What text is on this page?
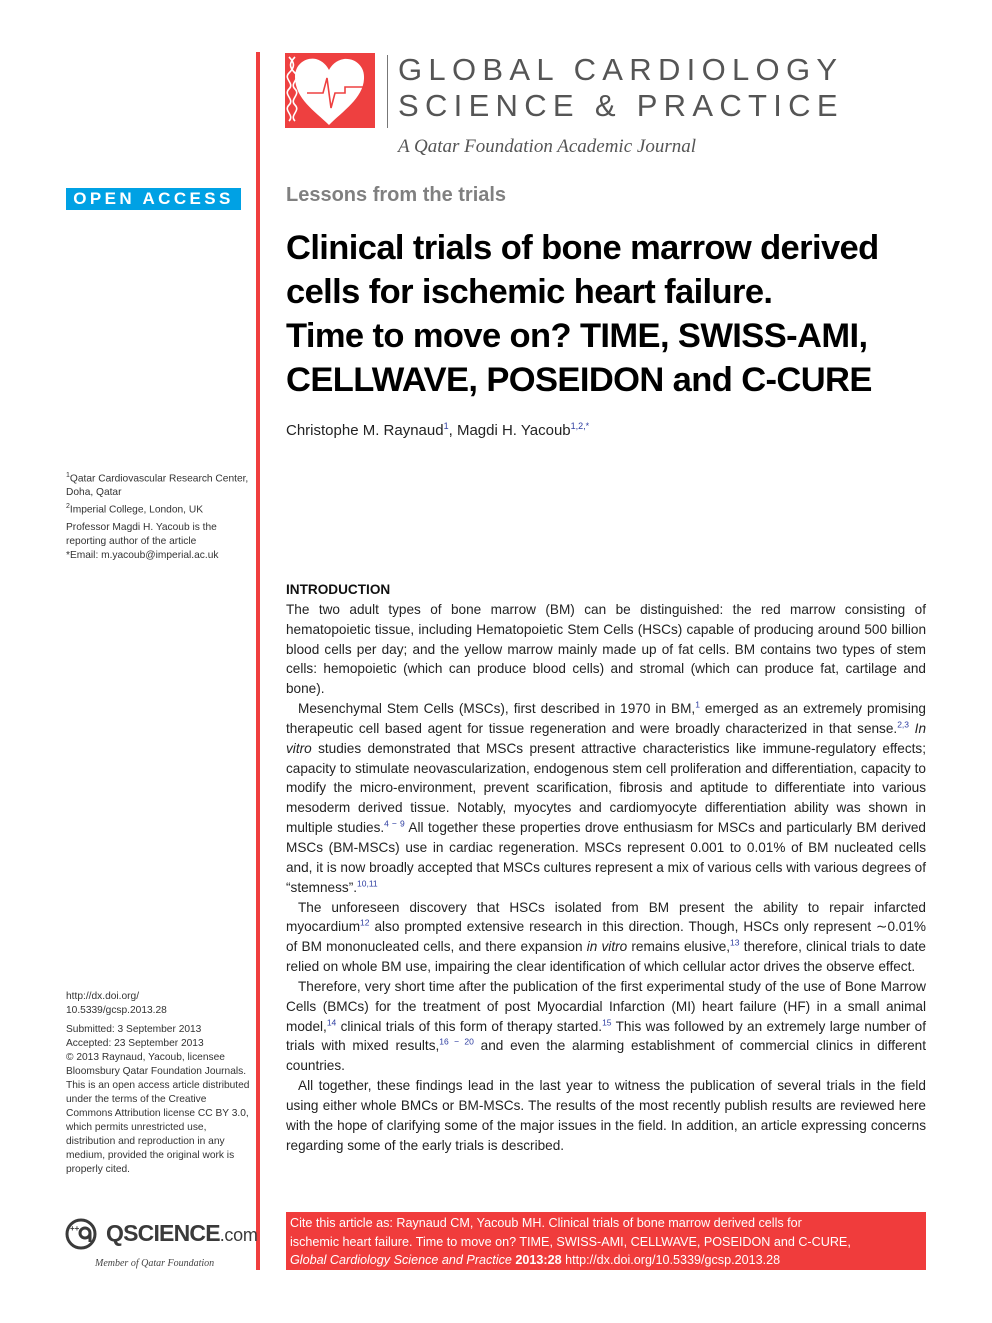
GLOBAL CARDIOLOGY
SCIENCE & PRACTICE
A Qatar Foundation Academic Journal
OPEN ACCESS	Lessons from the trials
Clinical trials of bone marrow derived
cells for ischemic heart failure.
Time to move on? TIME, SWISS-AMI,
CELLWAVE, POSEIDON and C-CURE
Christophe M. Raynaud$^1$, Magdi H. Yacoub$^{1,2,*}$

$^1$Qatar Cardiovascular Research Center, Doha, Qatar

$^2$Imperial College, London, UK

Professor Magdi H. Yacoub is the reporting author of the article

*Email: m.yacoub@imperial.ac.uk

http://dx.doi.org/
10.5339/gcsp.2013.28

Submitted: 3 September 2013

Accepted: 23 September 2013

© 2013 Raynaud, Yacoub, licensee Bloomsbury Qatar Foundation Journals. This is an open access article distributed under the terms of the Creative Commons Attribution license CC BY 3.0, which permits unrestricted use, distribution and reproduction in any medium, provided the original work is properly cited.

++ QSCIENCE.com
Member of Qatar Foundation
INTRODUCTION

The two adult types of bone marrow (BM) can be distinguished: the red marrow consisting of hematopoietic tissue, including Hematopoietic Stem Cells (HSCs) capable of producing around 500 billion blood cells per day; and the yellow marrow mainly made up of fat cells. BM contains two types of stem cells: hemopoietic (which can produce blood cells) and stromal (which can produce fat, cartilage and bone).

Mesenchymal Stem Cells (MSCs), first described in 1970 in BM,$^1$ emerged as an extremely promising therapeutic cell based agent for tissue regeneration and were broadly characterized in that sense.$^{2,3}$ In vitro studies demonstrated that MSCs present attractive characteristics like immune-regulatory effects; capacity to stimulate neovascularization, endogenous stem cell proliferation and differentiation, capacity to modify the micro-environment, prevent scarification, fibrosis and aptitude to differentiate into various mesoderm derived tissue. Notably, myocytes and cardiomyocyte differentiation ability was shown in multiple studies.$^{4 - 9}$ All together these properties drove enthusiasm for MSCs and particularly BM derived MSCs (BM-MSCs) use in cardiac regeneration. MSCs represent 0.001 to 0.01% of BM nucleated cells and, it is now broadly accepted that MSCs cultures represent a mix of various cells with various degrees of “stemness”.$^{10,11}$

The unforeseen discovery that HSCs isolated from BM present the ability to repair infarcted myocardium$^{12}$ also prompted extensive research in this direction. Though, HSCs only represent ∼0.01% of BM mononucleated cells, and there expansion in vitro remains elusive,$^{13}$ therefore, clinical trials to date relied on whole BM use, impairing the clear identification of which cellular actor drives the observe effect.

Therefore, very short time after the publication of the first experimental study of the use of Bone Marrow Cells (BMCs) for the treatment of post Myocardial Infarction (MI) heart failure (HF) in a small animal model,$^{14}$ clinical trials of this form of therapy started.$^{15}$ This was followed by an extremely large number of trials with mixed results,$^{16 - 20}$ and even the alarming establishment of commercial clinics in different countries.

All together, these findings lead in the last year to witness the publication of several trials in the field using either whole BMCs or BM-MSCs. The results of the most recently publish results are reviewed here with the hope of clarifying some of the major issues in the field. In addition, an article expressing concerns regarding some of the early trials is described.

Cite this article as: Raynaud CM, Yacoub MH. Clinical trials of bone marrow derived cells for
ischemic heart failure. Time to move on? TIME, SWISS-AMI, CELLWAVE, POSEIDON and C-CURE,
Global Cardiology Science and Practice 2013:28 http://dx.doi.org/10.5339/gcsp.2013.28
